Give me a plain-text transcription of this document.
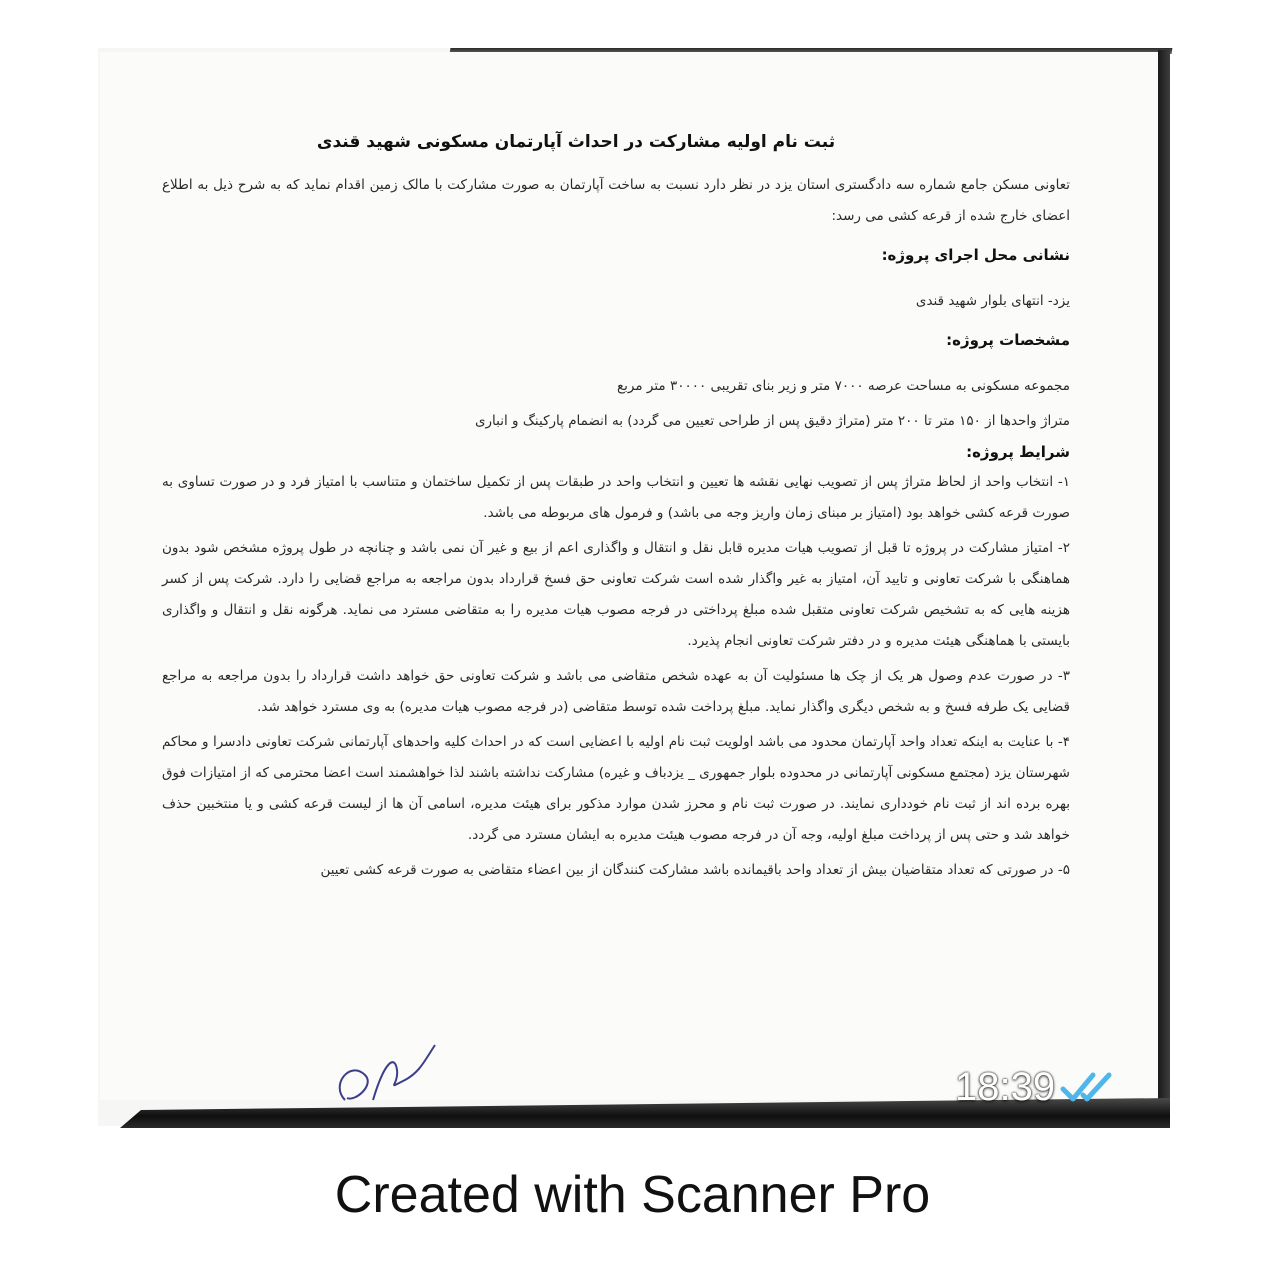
ثبت نام اولیه مشارکت در احداث آپارتمان مسکونی شهید قندی
تعاونی مسکن جامع شماره سه دادگستری استان یزد در نظر دارد نسبت به ساخت آپارتمان به صورت مشارکت با مالک زمین اقدام نماید که به شرح ذیل به اطلاع اعضای خارج شده از قرعه کشی می رسد:
نشانی محل اجرای پروژه:
یزد- انتهای بلوار شهید قندی
مشخصات پروژه:
مجموعه مسکونی به مساحت عرصه ۷۰۰۰ متر و زیر بنای تقریبی ۳۰۰۰۰ متر مربع
متراژ واحدها از ۱۵۰ متر تا ۲۰۰ متر (متراژ دقیق پس از طراحی تعیین می گردد) به انضمام پارکینگ و انباری
شرایط پروژه:
۱- انتخاب واحد از لحاظ متراژ پس از تصویب نهایی نقشه ها تعیین و انتخاب واحد در طبقات پس از تکمیل ساختمان و متناسب با امتیاز فرد و در صورت تساوی به صورت قرعه کشی خواهد بود (امتیاز بر مبنای زمان واریز وجه می باشد) و فرمول های مربوطه می باشد.
۲- امتیاز مشارکت در پروژه تا قبل از تصویب هیات مدیره قابل نقل و انتقال و واگذاری اعم از بیع و غیر آن نمی باشد و چنانچه در طول پروژه مشخص شود بدون هماهنگی با شرکت تعاونی و تایید آن، امتیاز به غیر واگذار شده است شرکت تعاونی حق فسخ قرارداد بدون مراجعه به مراجع قضایی را دارد. شرکت پس از کسر هزینه هایی که به تشخیص شرکت تعاونی متقبل شده مبلغ پرداختی در فرجه مصوب هیات مدیره را به متقاضی مسترد می نماید. هرگونه نقل و انتقال و واگذاری بایستی با هماهنگی هیئت مدیره و در دفتر شرکت تعاونی انجام پذیرد.
۳- در صورت عدم وصول هر یک از چک ها مسئولیت آن به عهده شخص متقاضی می باشد و شرکت تعاونی حق خواهد داشت قرارداد را بدون مراجعه به مراجع قضایی یک طرفه فسخ و به شخص دیگری واگذار نماید. مبلغ پرداخت شده توسط متقاضی (در فرجه مصوب هیات مدیره) به وی مسترد خواهد شد.
۴- با عنایت به اینکه تعداد واحد آپارتمان محدود می باشد اولویت ثبت نام اولیه با اعضایی است که در احداث کلیه واحدهای آپارتمانی شرکت تعاونی دادسرا و محاکم شهرستان یزد (مجتمع مسکونی آپارتمانی در محدوده بلوار جمهوری _ یزدباف و غیره) مشارکت نداشته باشند لذا خواهشمند است اعضا محترمی که از امتیازات فوق بهره برده اند از ثبت نام خودداری نمایند. در صورت ثبت نام و محرز شدن موارد مذکور برای هیئت مدیره، اسامی آن ها از لیست قرعه کشی و یا منتخبین حذف خواهد شد و حتی پس از پرداخت مبلغ اولیه، وجه آن در فرجه مصوب هیئت مدیره به ایشان مسترد می گردد.
۵- در صورتی که تعداد متقاضیان بیش از تعداد واحد باقیمانده باشد مشارکت کنندگان از بین اعضاء متقاضی به صورت قرعه کشی تعیین
18:39
Created with Scanner Pro
